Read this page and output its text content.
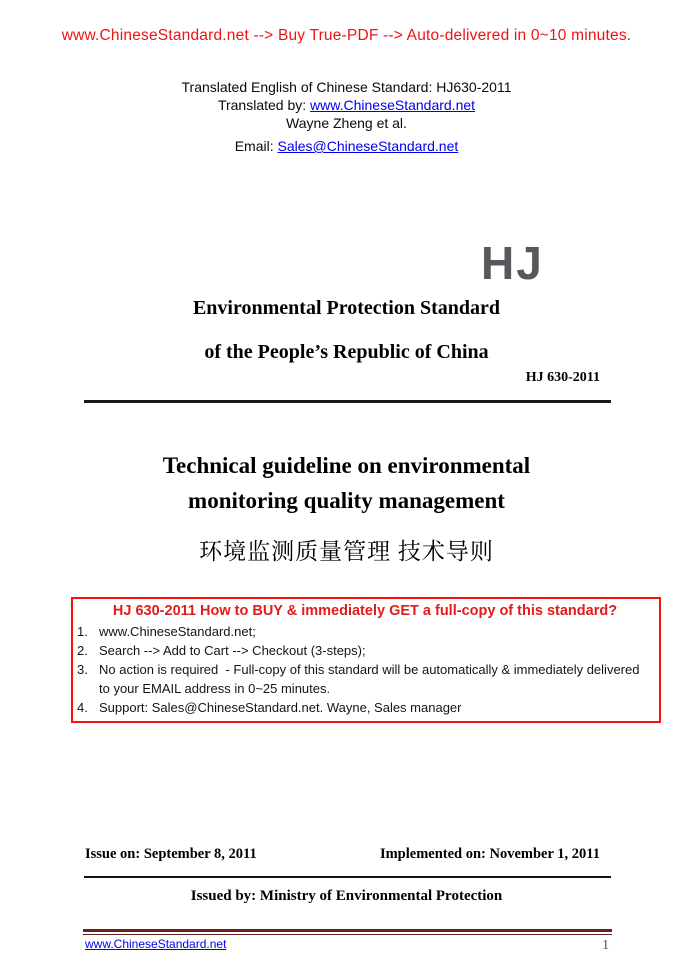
www.ChineseStandard.net --> Buy True-PDF --> Auto-delivered in 0~10 minutes.
Translated English of Chinese Standard: HJ630-2011
Translated by: www.ChineseStandard.net
Wayne Zheng et al.
Email: Sales@ChineseStandard.net
HJ
Environmental Protection Standard
of the People’s Republic of China
HJ 630-2011
Technical guideline on environmental
monitoring quality management
环境监测质量管理 技术导则
HJ 630-2011 How to BUY & immediately GET a full-copy of this standard?
1. www.ChineseStandard.net;
2. Search --> Add to Cart --> Checkout (3-steps);
3. No action is required  - Full-copy of this standard will be automatically & immediately delivered to your EMAIL address in 0~25 minutes.
4. Support: Sales@ChineseStandard.net. Wayne, Sales manager
Issue on: September 8, 2011	Implemented on: November 1, 2011
Issued by: Ministry of Environmental Protection
www.ChineseStandard.net	1
